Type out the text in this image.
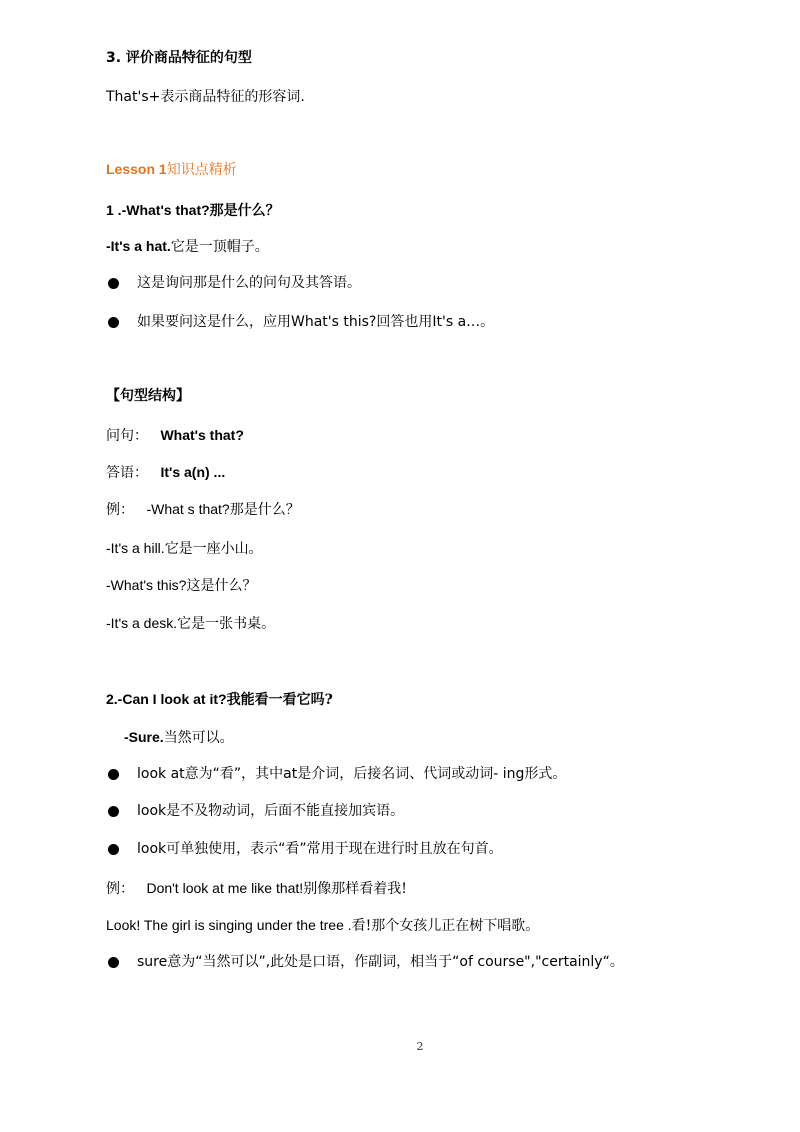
3. 评价商品特征的句型
That's+表示商品特征的形容词.
Lesson 1知识点精析
1 .-What's that?那是什么？
-It's a hat.它是一顶帽子。
这是询问那是什么的问句及其答语。
如果要问这是什么，应用What's this?回答也用It's a…。
【句型结构】
问句： What's that?
答语： It's a(n) ...
例： -What s that?那是什么？
-It's a hill.它是一座小山。
-What's this?这是什么？
-It's a desk.它是一张书桌。
2.-Can I look at it?我能看一看它吗?
-Sure.当然可以。
look at意为“看”，其中at是介词，后接名词、代词或动词- ing形式。
look是不及物动词，后面不能直接加宾语。
look可单独使用，表示“看”常用于现在进行时且放在句首。
例： Don't look at me like that!别像那样看着我!
Look! The girl is singing under the tree .看!那个女孩儿正在树下唱歌。
sure意为“当然可以”,此处是口语，作副词，相当于“of course","certainly“。
2
